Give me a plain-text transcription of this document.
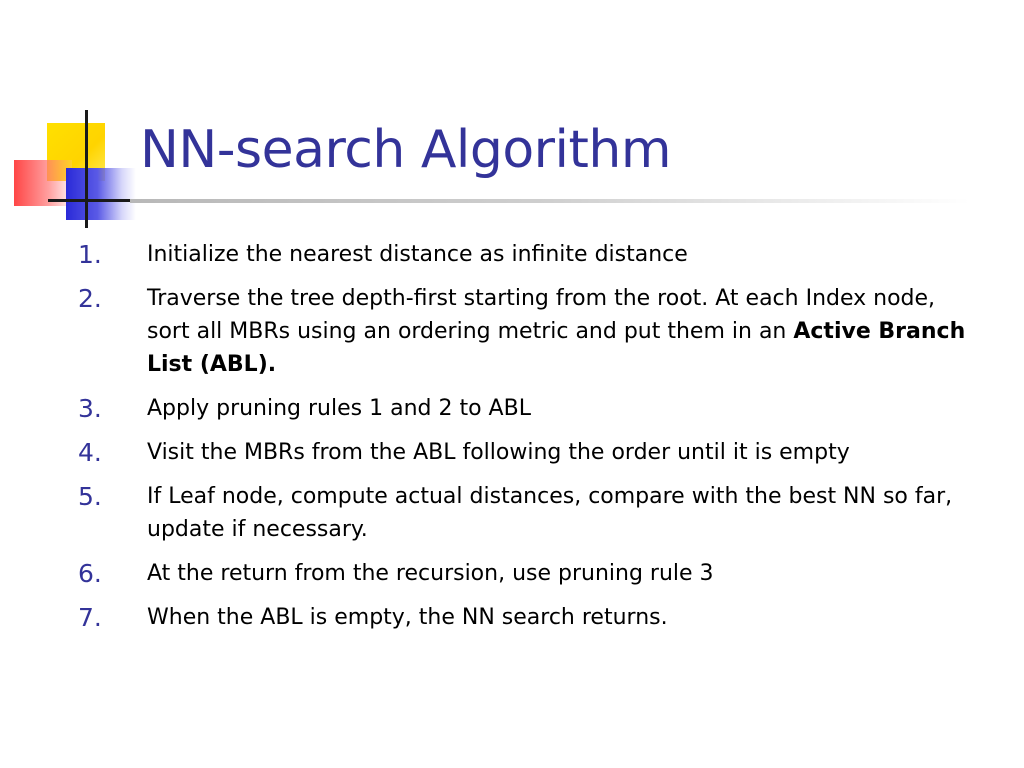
NN-search Algorithm
1. Initialize the nearest distance as infinite distance
2. Traverse the tree depth-first starting from the root. At each Index node, sort all MBRs using an ordering metric and put them in an Active Branch List (ABL).
3. Apply pruning rules 1 and 2 to ABL
4. Visit the MBRs from the ABL following the order until it is empty
5. If Leaf node, compute actual distances, compare with the best NN so far, update if necessary.
6. At the return from the recursion, use pruning rule 3
7. When the ABL is empty, the NN search returns.
